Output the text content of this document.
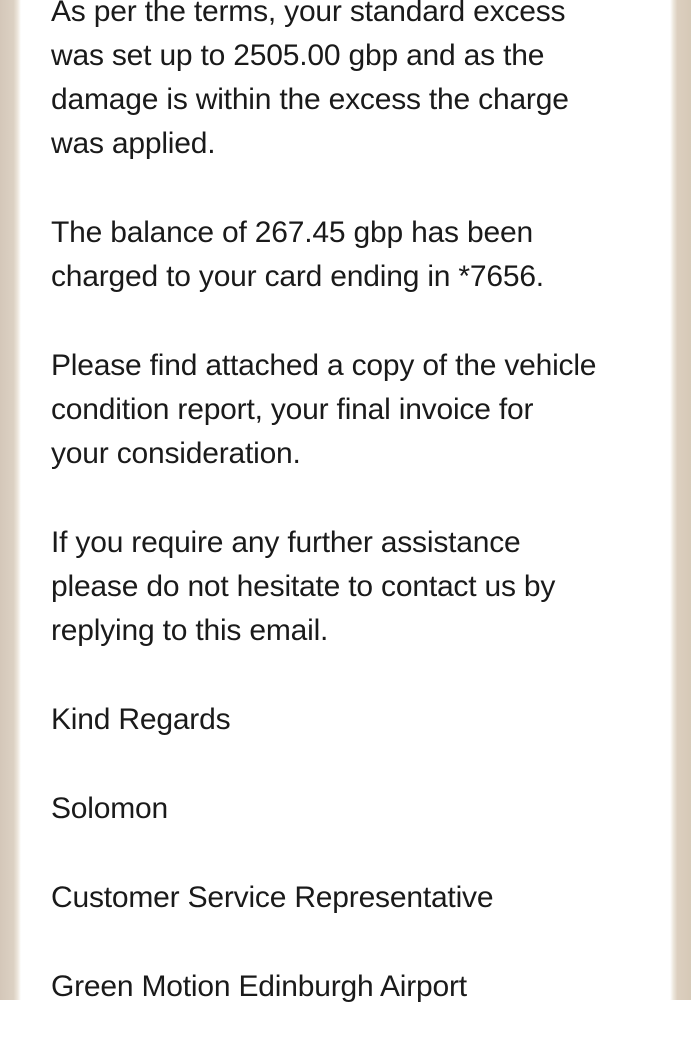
As per the terms, your standard excess
was set up to 2505.00 gbp and as the
damage is within the excess the charge
was applied.
The balance of 267.45 gbp has been
charged to your card ending in *7656.
Please find attached a copy of the vehicle
condition report, your final invoice for
your consideration.
If you require any further assistance
please do not hesitate to contact us by
replying to this email.
Kind Regards
Solomon
Customer Service Representative
Green Motion Edinburgh Airport
